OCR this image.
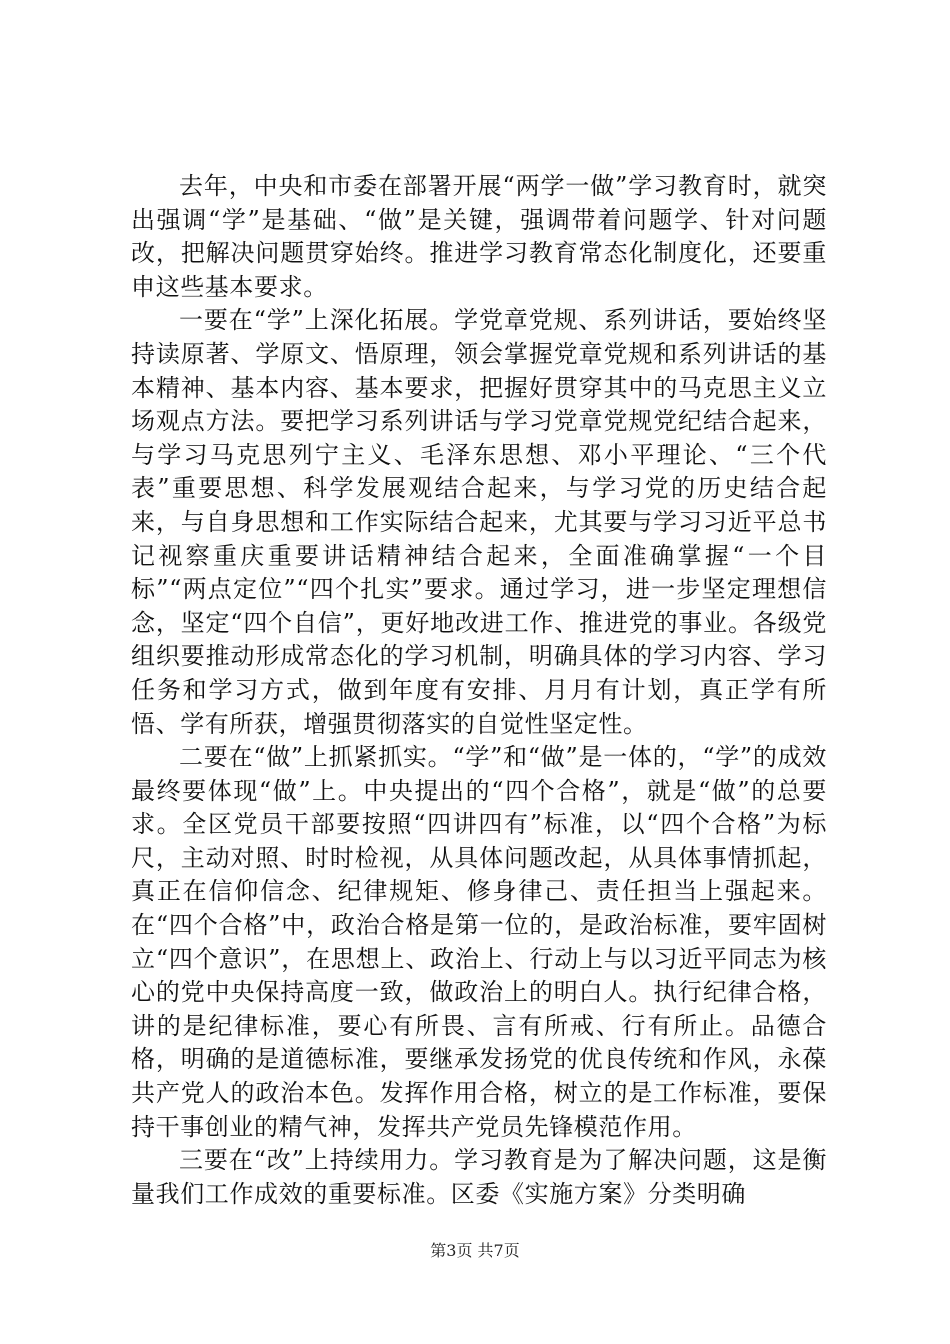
去年，中央和市委在部署开展“两学一做”学习教育时，就突出强调“学”是基础、“做”是关键，强调带着问题学、针对问题改，把解决问题贯穿始终。推进学习教育常态化制度化，还要重申这些基本要求。

一要在“学”上深化拓展。学党章党规、系列讲话，要始终坚持读原著、学原文、悟原理，领会掌握党章党规和系列讲话的基本精神、基本内容、基本要求，把握好贯穿其中的马克思主义立场观点方法。要把学习系列讲话与学习党章党规党纪结合起来，与学习马克思列宁主义、毛泽东思想、邓小平理论、“三个代表”重要思想、科学发展观结合起来，与学习党的历史结合起来，与自身思想和工作实际结合起来，尤其要与学习习近平总书记视察重庆重要讲话精神结合起来，全面准确掌握“一个目标”“两点定位”“四个扎实”要求。通过学习，进一步坚定理想信念，坚定“四个自信”，更好地改进工作、推进党的事业。各级党组织要推动形成常态化的学习机制，明确具体的学习内容、学习任务和学习方式，做到年度有安排、月月有计划，真正学有所悟、学有所获，增强贯彻落实的自觉性坚定性。

二要在“做”上抓紧抓实。“学”和“做”是一体的，“学”的成效最终要体现“做”上。中央提出的“四个合格”，就是“做”的总要求。全区党员干部要按照“四讲四有”标准，以“四个合格”为标尺，主动对照、时时检视，从具体问题改起，从具体事情抓起，真正在信仰信念、纪律规矩、修身律己、责任担当上强起来。在“四个合格”中，政治合格是第一位的，是政治标准，要牢固树立“四个意识”，在思想上、政治上、行动上与以习近平同志为核心的党中央保持高度一致，做政治上的明白人。执行纪律合格，讲的是纪律标准，要心有所畏、言有所戒、行有所止。品德合格，明确的是道德标准，要继承发扬党的优良传统和作风，永葆共产党人的政治本色。发挥作用合格，树立的是工作标准，要保持干事创业的精气神，发挥共产党员先锋模范作用。

三要在“改”上持续用力。学习教育是为了解决问题，这是衡量我们工作成效的重要标准。区委《实施方案》分类明确

第3页 共7页
